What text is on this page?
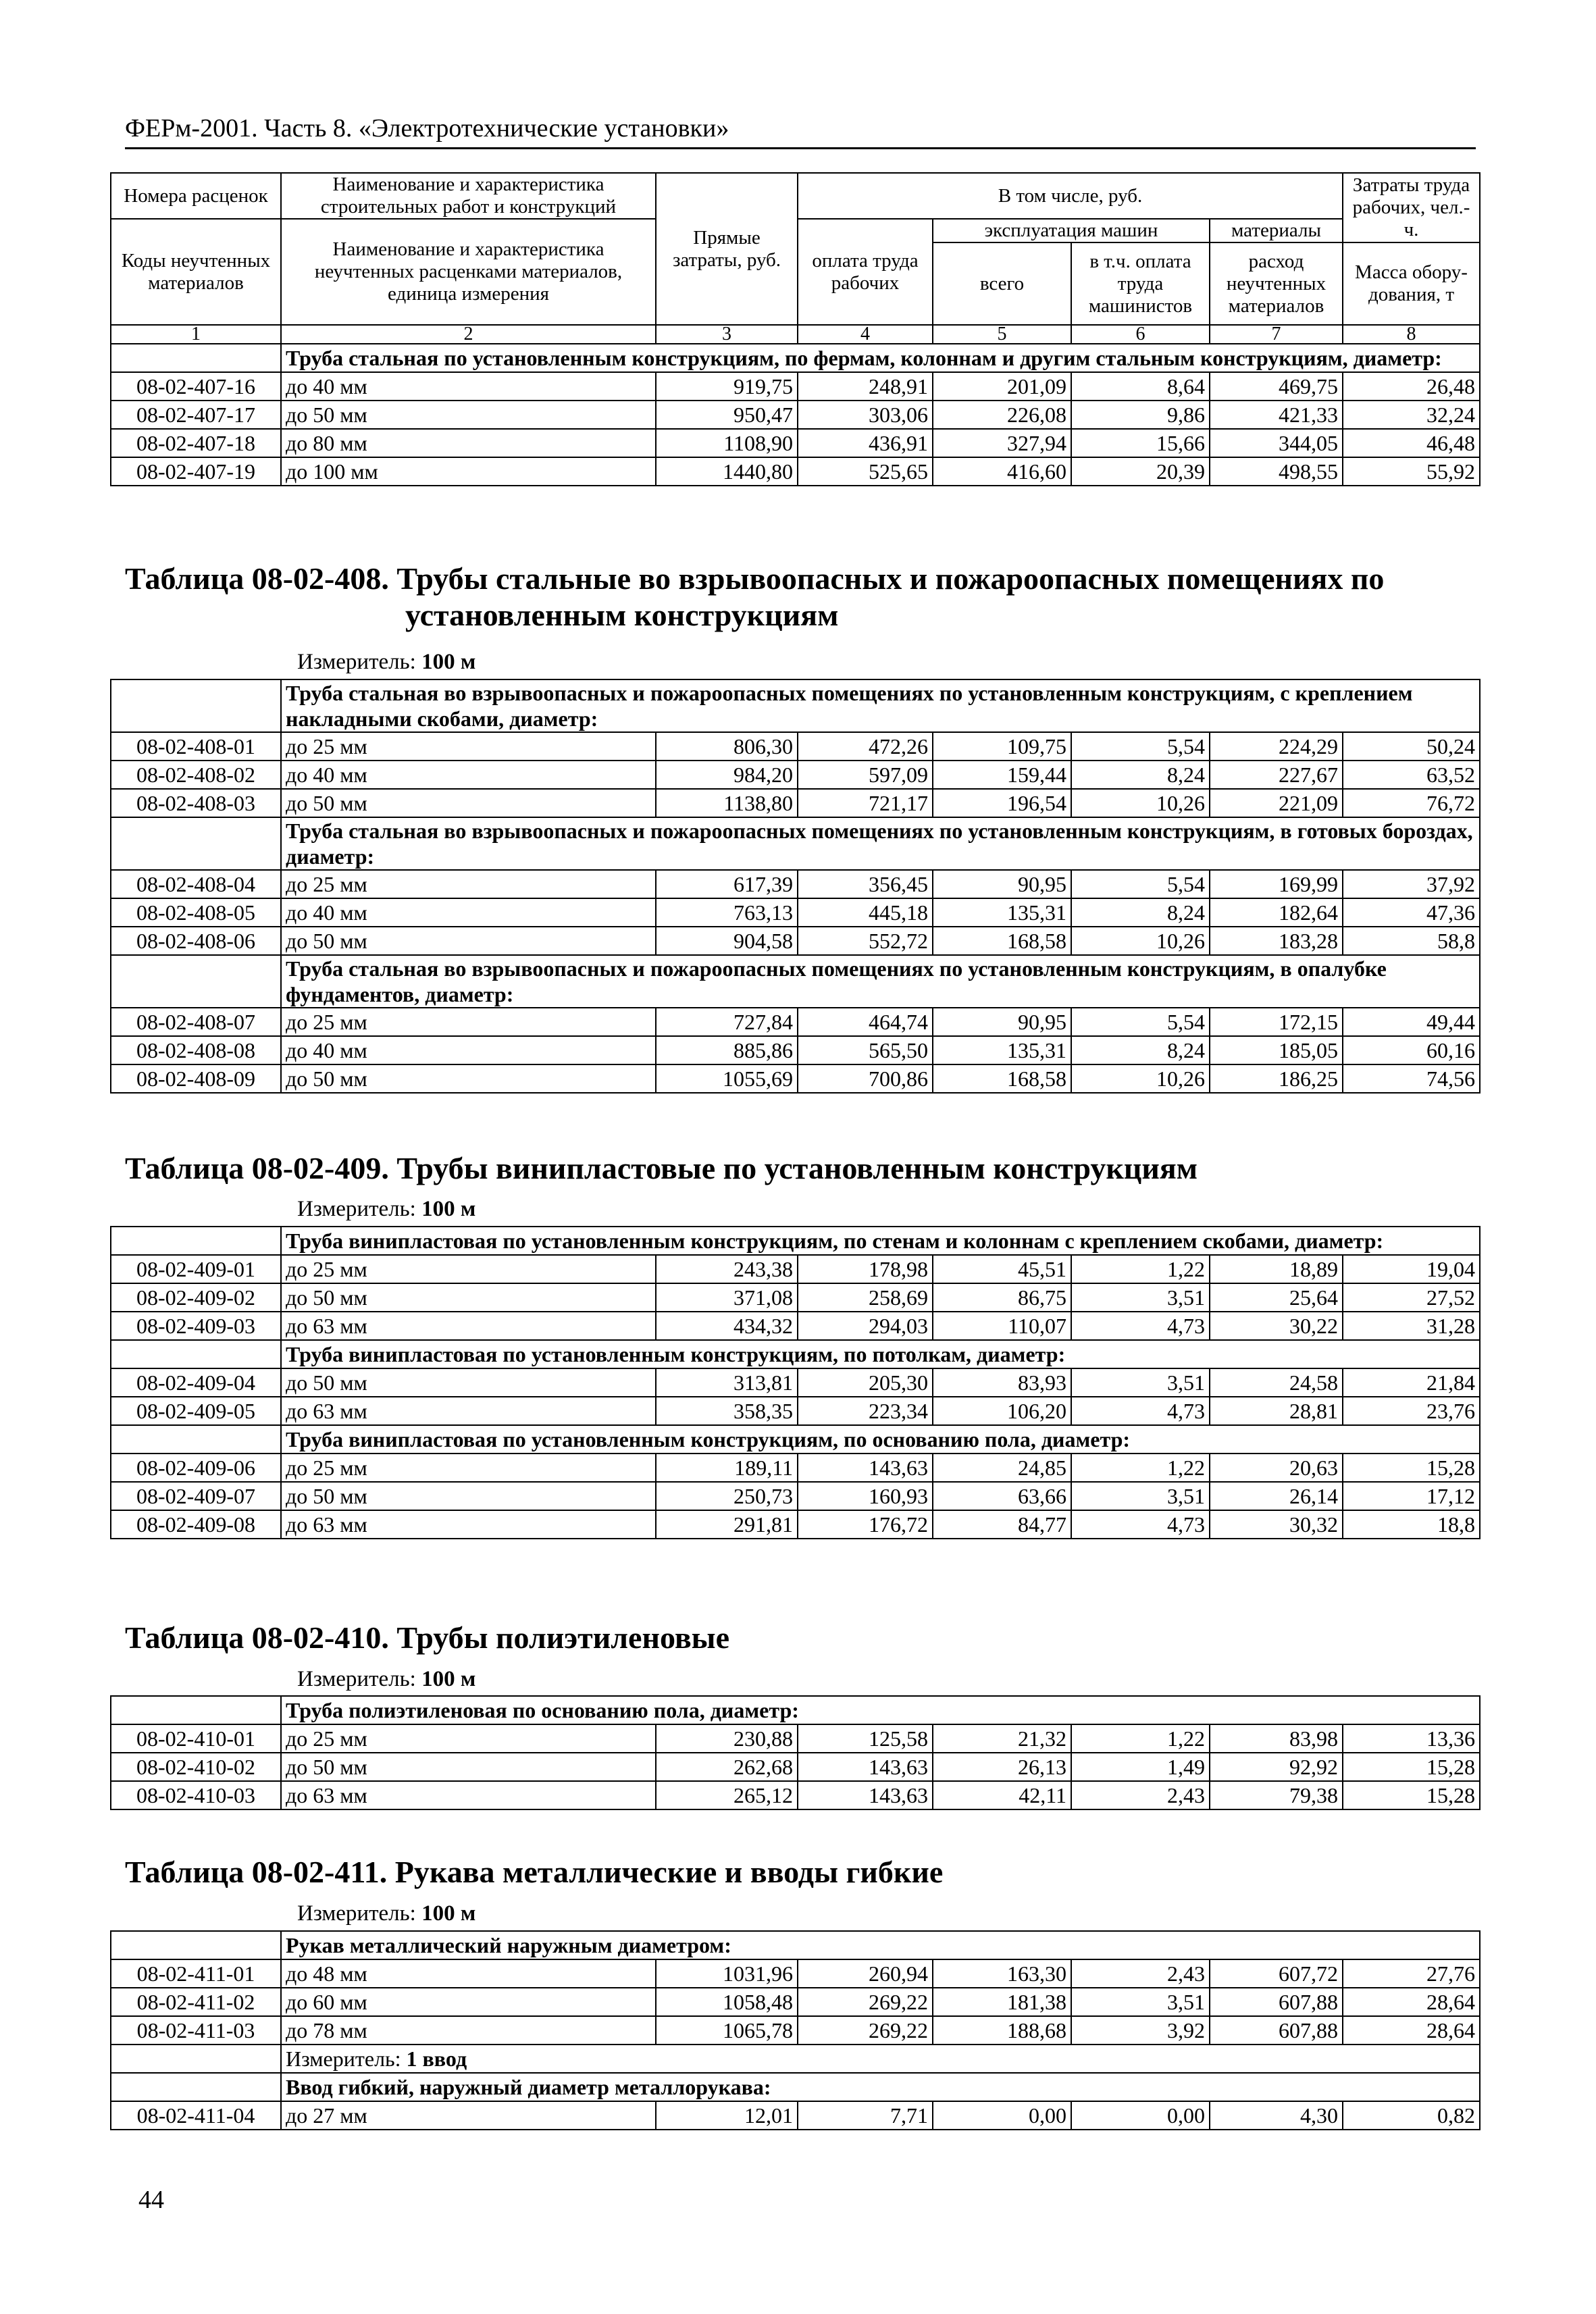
ФЕРм-2001. Часть 8. «Электротехнические установки»
Номера расценок	Наименование и характеристика строительных работ и конструкций	Прямые затраты, руб.	В том числе, руб.				Затраты труда рабочих, чел.-ч.
Коды неучтенных материалов	Наименование и характеристика неучтенных расценками материалов, единица измерения		оплата труда рабочих	эксплуатация машин		материалы	
				всего	в т.ч. оплата труда машинистов	расход неучтенных материалов	Масса обору-дования, т
1	2	3	4	5	6	7	8
	Труба стальная по установленным конструкциям, по фермам, колоннам и другим стальным конструкциям, диаметр:						
08-02-407-16	до 40 мм	919,75	248,91	201,09	8,64	469,75	26,48
08-02-407-17	до 50 мм	950,47	303,06	226,08	9,86	421,33	32,24
08-02-407-18	до 80 мм	1108,90	436,91	327,94	15,66	344,05	46,48
08-02-407-19	до 100 мм	1440,80	525,65	416,60	20,39	498,55	55,92
Таблица 08-02-408. Трубы стальные во взрывоопасных и пожароопасных помещениях по
установленным конструкциям
Измеритель: 100 м
	Труба стальная во взрывоопасных и пожароопасных помещениях по установленным конструкциям, с креплением накладными скобами, диаметр:						
08-02-408-01	до 25 мм	806,30	472,26	109,75	5,54	224,29	50,24
08-02-408-02	до 40 мм	984,20	597,09	159,44	8,24	227,67	63,52
08-02-408-03	до 50 мм	1138,80	721,17	196,54	10,26	221,09	76,72
	Труба стальная во взрывоопасных и пожароопасных помещениях по установленным конструкциям, в готовых бороздах, диаметр:						
08-02-408-04	до 25 мм	617,39	356,45	90,95	5,54	169,99	37,92
08-02-408-05	до 40 мм	763,13	445,18	135,31	8,24	182,64	47,36
08-02-408-06	до 50 мм	904,58	552,72	168,58	10,26	183,28	58,8
	Труба стальная во взрывоопасных и пожароопасных помещениях по установленным конструкциям, в опалубке фундаментов, диаметр:						
08-02-408-07	до 25 мм	727,84	464,74	90,95	5,54	172,15	49,44
08-02-408-08	до 40 мм	885,86	565,50	135,31	8,24	185,05	60,16
08-02-408-09	до 50 мм	1055,69	700,86	168,58	10,26	186,25	74,56
Таблица 08-02-409. Трубы винипластовые по установленным конструкциям
Измеритель: 100 м
	Труба винипластовая по установленным конструкциям, по стенам и колоннам с креплением скобами, диаметр:						
08-02-409-01	до 25 мм	243,38	178,98	45,51	1,22	18,89	19,04
08-02-409-02	до 50 мм	371,08	258,69	86,75	3,51	25,64	27,52
08-02-409-03	до 63 мм	434,32	294,03	110,07	4,73	30,22	31,28
	Труба винипластовая по установленным конструкциям, по потолкам, диаметр:						
08-02-409-04	до 50 мм	313,81	205,30	83,93	3,51	24,58	21,84
08-02-409-05	до 63 мм	358,35	223,34	106,20	4,73	28,81	23,76
	Труба винипластовая по установленным конструкциям, по основанию пола, диаметр:						
08-02-409-06	до 25 мм	189,11	143,63	24,85	1,22	20,63	15,28
08-02-409-07	до 50 мм	250,73	160,93	63,66	3,51	26,14	17,12
08-02-409-08	до 63 мм	291,81	176,72	84,77	4,73	30,32	18,8
Таблица 08-02-410. Трубы полиэтиленовые
Измеритель: 100 м
	Труба полиэтиленовая по основанию пола, диаметр:						
08-02-410-01	до 25 мм	230,88	125,58	21,32	1,22	83,98	13,36
08-02-410-02	до 50 мм	262,68	143,63	26,13	1,49	92,92	15,28
08-02-410-03	до 63 мм	265,12	143,63	42,11	2,43	79,38	15,28
Таблица 08-02-411. Рукава металлические и вводы гибкие
Измеритель: 100 м
	Рукав металлический наружным диаметром:						
08-02-411-01	до 48 мм	1031,96	260,94	163,30	2,43	607,72	27,76
08-02-411-02	до 60 мм	1058,48	269,22	181,38	3,51	607,88	28,64
08-02-411-03	до 78 мм	1065,78	269,22	188,68	3,92	607,88	28,64
	Измеритель: 1 ввод						
	Ввод гибкий, наружный диаметр металлорукава:						
08-02-411-04	до 27 мм	12,01	7,71	0,00	0,00	4,30	0,82
44
